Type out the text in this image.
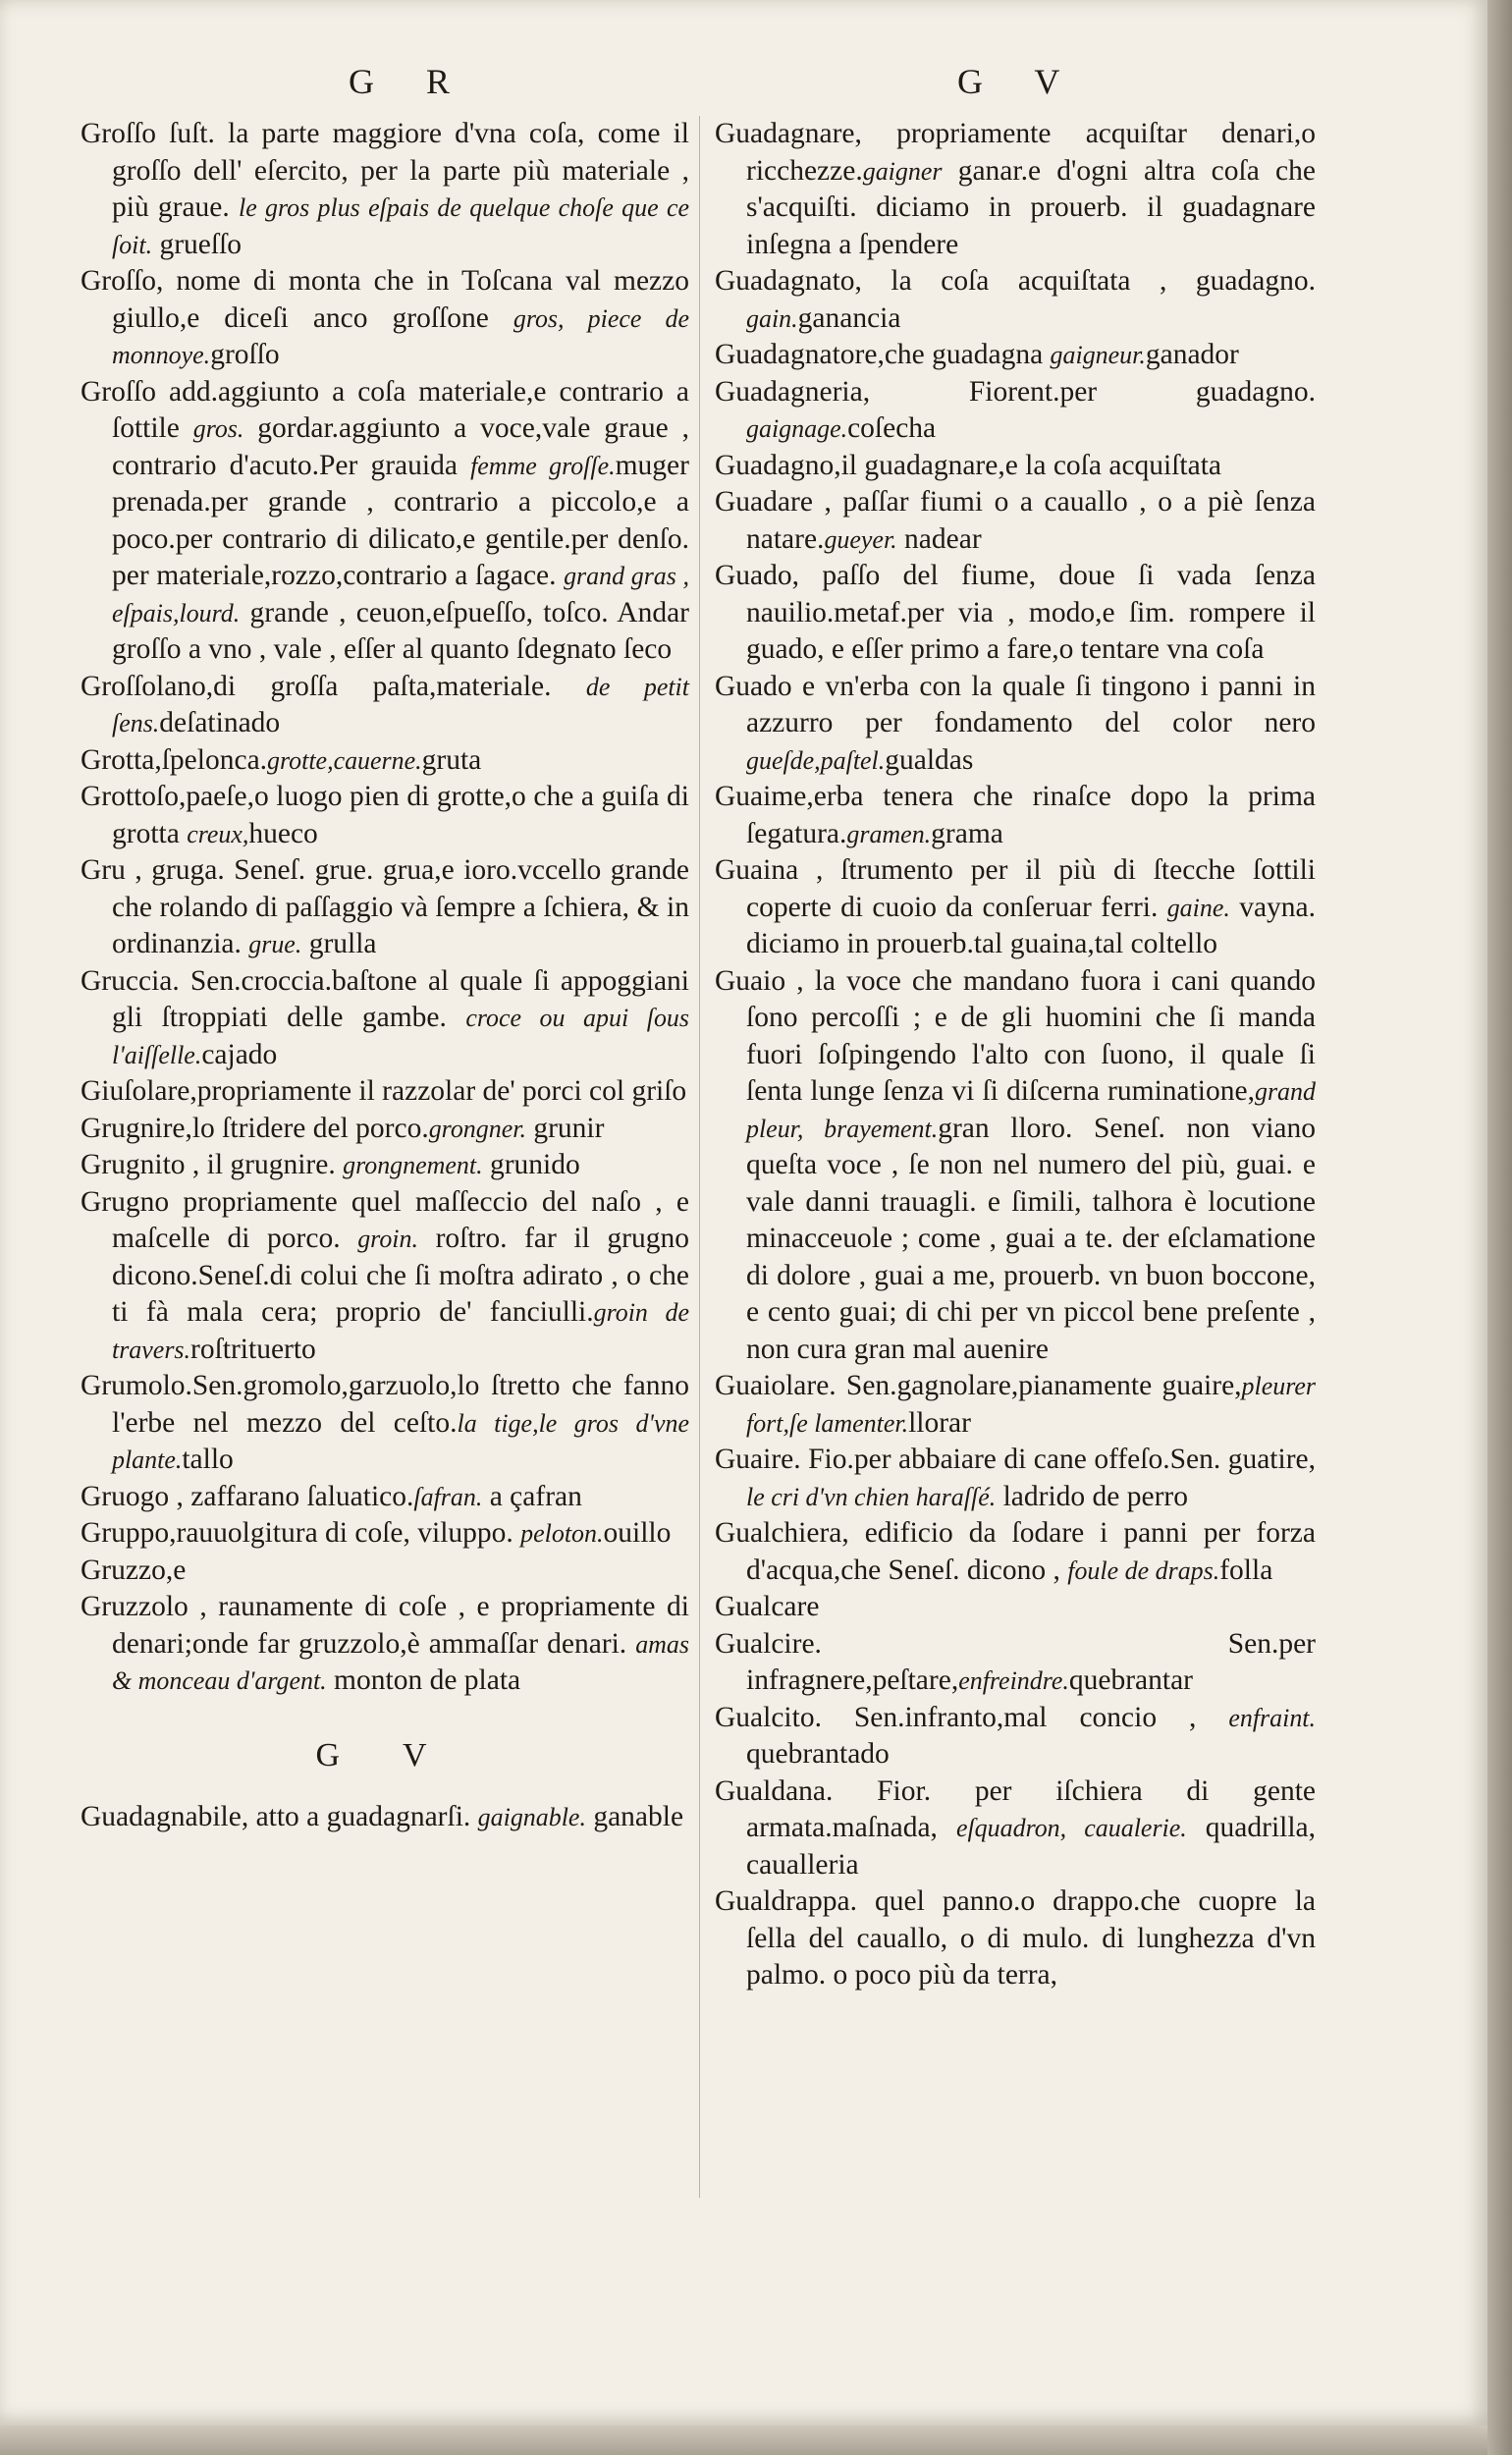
G R	G V
Groſſo ſuſt. la parte maggiore d'vna coſa, come il groſſo dell' eſercito, per la parte più materiale , più graue. le gros plus eſpais de quelque choſe que ce ſoit. grueſſo
Groſſo, nome di monta che in Toſcana val mezzo giullo,e diceſi anco groſſone gros, piece de monnoye.groſſo
Groſſo add.aggiunto a coſa materiale,e contrario a ſottile gros. gordar.aggiunto a voce,vale graue , contrario d'acuto.Per grauida femme groſſe.muger prenada.per grande , contrario a piccolo,e a poco.per contrario di dilicato,e gentile.per denſo. per materiale,rozzo,contrario a ſagace. grand gras , eſpais,lourd. grande , ceuon,eſpueſſo, toſco. Andar groſſo a vno , vale , eſſer al quanto ſdegnato ſeco
Groſſolano,di groſſa paſta,materiale. de petit ſens.deſatinado
Grotta,ſpelonca.grotte,cauerne.gruta
Grottoſo,paeſe,o luogo pien di grotte,o che a guiſa di grotta creux,hueco
Gru , gruga. Seneſ. grue. grua,e ioro.vccello grande che rolando di paſſaggio và ſempre a ſchiera, & in ordinanzia. grue. grulla
Gruccia. Sen.croccia.baſtone al quale ſi appoggiani gli ſtroppiati delle gambe. croce ou apui ſous l'aiſſelle.cajado
Giuſolare,propriamente il razzolar de' porci col griſo
Grugnire,lo ſtridere del porco.grongner. grunir
Grugnito , il grugnire. grongnement. grunido
Grugno propriamente quel maſſeccio del naſo , e maſcelle di porco. groin. roſtro. far il grugno dicono.Seneſ.di colui che ſi moſtra adirato , o che ti fà mala cera; proprio de' fanciulli.groin de travers.roſtrituerto
Grumolo.Sen.gromolo,garzuolo,lo ſtretto che fanno l'erbe nel mezzo del ceſto.la tige,le gros d'vne plante.tallo
Gruogo , zaffarano ſaluatico.ſafran. a çafran
Gruppo,rauuolgitura di coſe, viluppo. peloton.ouillo
Gruzzo,e
Gruzzolo , raunamente di coſe , e propriamente di denari;onde far gruzzolo,è ammaſſar denari. amas & monceau d'argent. monton de plata
G V
Guadagnabile, atto a guadagnarſi. gaignable. ganable
Guadagnare, propriamente acquiſtar denari,o ricchezze.gaigner ganar.e d'ogni altra coſa che s'acquiſti. diciamo in prouerb. il guadagnare inſegna a ſpendere
Guadagnato, la coſa acquiſtata , guadagno. gain.ganancia
Guadagnatore,che guadagna gaigneur.ganador
Guadagneria, Fiorent.per guadagno. gaignage.coſecha
Guadagno,il guadagnare,e la coſa acquiſtata
Guadare , paſſar fiumi o a cauallo , o a piè ſenza natare.gueyer. nadear
Guado, paſſo del fiume, doue ſi vada ſenza nauilio.metaf.per via , modo,e ſim. rompere il guado, e eſſer primo a fare,o tentare vna coſa
Guado e vn'erba con la quale ſi tingono i panni in azzurro per fondamento del color nero gueſde,paſtel.gualdas
Guaime,erba tenera che rinaſce dopo la prima ſegatura.gramen.grama
Guaina , ſtrumento per il più di ſtecche ſottili coperte di cuoio da conſeruar ferri. gaine. vayna. diciamo in prouerb.tal guaina,tal coltello
Guaio , la voce che mandano fuora i cani quando ſono percoſſi ; e de gli huomini che ſi manda fuori ſoſpingendo l'alto con ſuono, il quale ſi ſenta lunge ſenza vi ſi diſcerna ruminatione,grand pleur, brayement.gran lloro. Seneſ. non viano queſta voce , ſe non nel numero del più, guai. e vale danni trauagli. e ſimili, talhora è locutione minacceuole ; come , guai a te. der eſclamatione di dolore , guai a me, prouerb. vn buon boccone, e cento guai; di chi per vn piccol bene preſente , non cura gran mal auenire
Guaiolare. Sen.gagnolare,pianamente guaire,pleurer fort,ſe lamenter.llorar
Guaire. Fio.per abbaiare di cane offeſo.Sen. guatire, le cri d'vn chien haraſſé. ladrido de perro
Gualchiera, edificio da ſodare i panni per forza d'acqua,che Seneſ. dicono , foule de draps.folla
Gualcare
Gualcire. Sen.per infragnere,peſtare,enfreindre.quebrantar
Gualcito. Sen.infranto,mal concio , enfraint. quebrantado
Gualdana. Fior. per iſchiera di gente armata.maſnada, eſquadron, caualerie. quadrilla, caualleria
Gualdrappa. quel panno.o drappo.che cuopre la ſella del cauallo, o di mulo. di lunghezza d'vn palmo. o poco più da terra,
